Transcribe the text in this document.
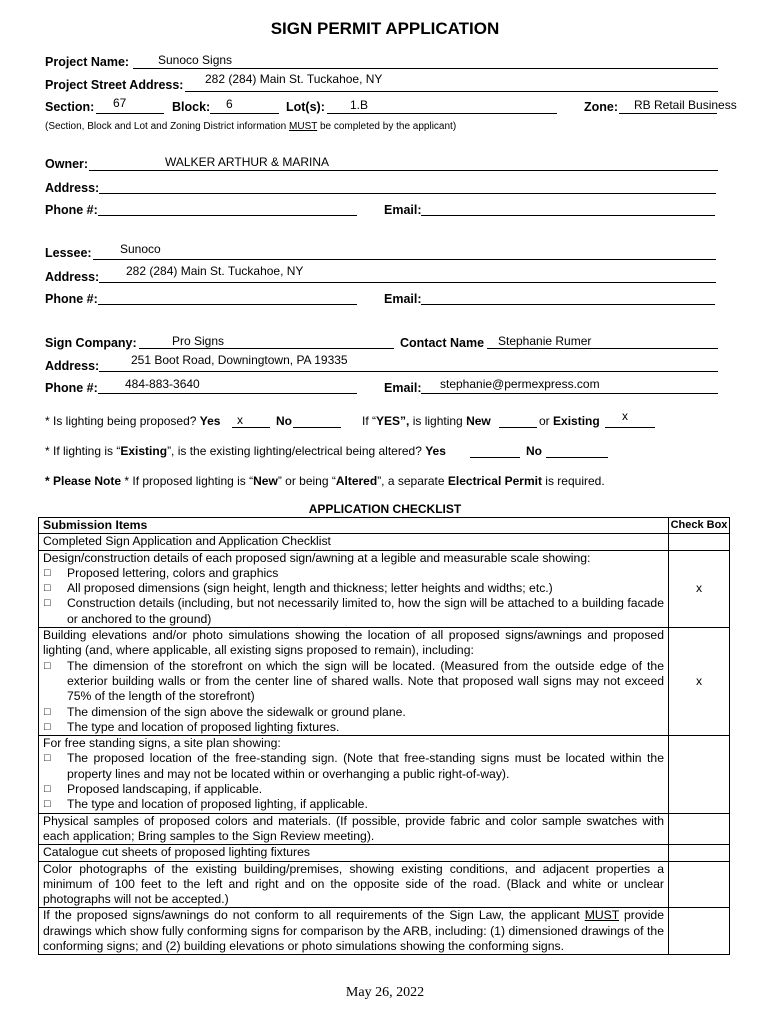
SIGN PERMIT APPLICATION
Project Name: Sunoco Signs
Project Street Address: 282 (284) Main St. Tuckahoe, NY
Section: 67	Block: 6	Lot(s): 1.B	Zone: RB Retail Business
(Section, Block and Lot and Zoning District information MUST be completed by the applicant)
Owner:	WALKER ARTHUR & MARINA
Address:
Phone #:	Email:
Lessee: Sunoco
Address: 282 (284) Main St. Tuckahoe, NY
Phone #:	Email:
Sign Company:	Pro Signs	Contact Name Stephanie Rumer
Address:	251 Boot Road, Downingtown, PA 19335
Phone #: 484-883-3640	Email: stephanie@permexpress.com
* Is lighting being proposed? Yes x	No	If “YES”, is lighting New	or Existing x
* If lighting is “Existing”, is the existing lighting/electrical being altered? Yes	No
* Please Note * If proposed lighting is “New” or being “Altered”, a separate Electrical Permit is required.
APPLICATION CHECKLIST
Submission Items	Check Box
Completed Sign Application and Application Checklist	

Design/construction details of each proposed sign/awning at a legible and measurable scale showing:
□ Proposed lettering, colors and graphics
□ All proposed dimensions (sign height, length and thickness; letter heights and widths; etc.)
□ Construction details (including, but not necessarily limited to, how the sign will be attached to a building facade or anchored to the ground)	x

Building elevations and/or photo simulations showing the location of all proposed signs/awnings and proposed lighting (and, where applicable, all existing signs proposed to remain), including:
□ The dimension of the storefront on which the sign will be located. (Measured from the outside edge of the exterior building walls or from the center line of shared walls. Note that proposed wall signs may not exceed 75% of the length of the storefront)
□ The dimension of the sign above the sidewalk or ground plane.
□ The type and location of proposed lighting fixtures.	x

For free standing signs, a site plan showing:
□ The proposed location of the free-standing sign. (Note that free-standing signs must be located within the property lines and may not be located within or overhanging a public right-of-way).
□ Proposed landscaping, if applicable.
□ The type and location of proposed lighting, if applicable.

Physical samples of proposed colors and materials. (If possible, provide fabric and color sample swatches with each application; Bring samples to the Sign Review meeting).	
Catalogue cut sheets of proposed lighting fixtures	
Color photographs of the existing building/premises, showing existing conditions, and adjacent properties a minimum of 100 feet to the left and right and on the opposite side of the road. (Black and white or unclear photographs will not be accepted.)	
If the proposed signs/awnings do not conform to all requirements of the Sign Law, the applicant MUST provide drawings which show fully conforming signs for comparison by the ARB, including: (1) dimensioned drawings of the conforming signs; and (2) building elevations or photo simulations showing the conforming signs.	
May 26, 2022
